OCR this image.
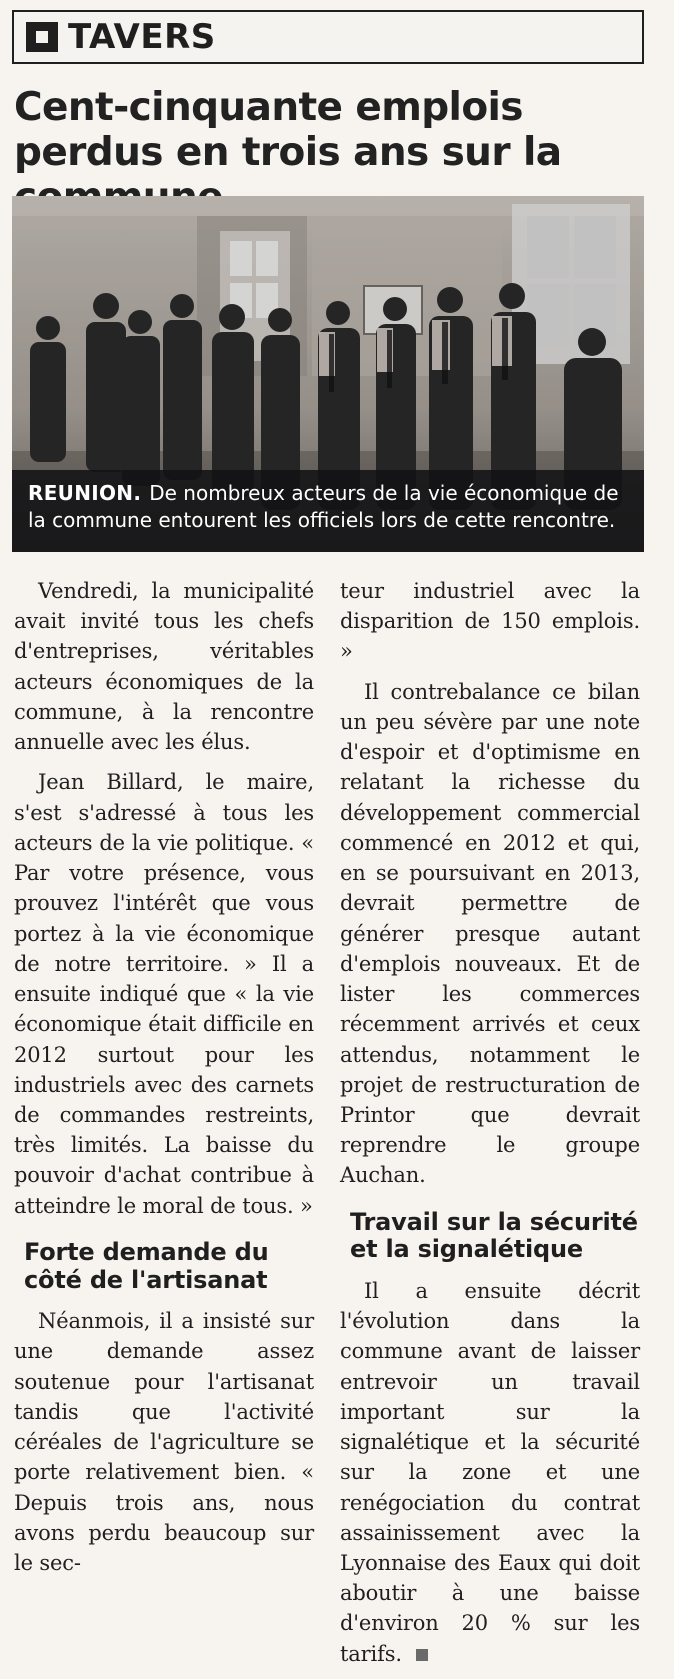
TAVERS
Cent-cinquante emplois perdus en trois ans sur la
REUNION. De nombreux acteurs de la vie économique de la commune entourent les officiels lors de cette rencontre.

Vendredi, la municipalité avait invité tous les chefs d'entreprises, véritables acteurs économiques de la commune, à la rencontre annuelle avec les élus.

Jean Billard, le maire, s'est s'adressé à tous les acteurs de la vie politique. « Par votre présence, vous prouvez l'intérêt que vous portez à la vie économique de notre territoire. » Il a ensuite indiqué que « la vie économique était difficile en 2012 surtout pour les industriels avec des carnets de commandes restreints, très limités. La baisse du pouvoir d'achat contribue à atteindre le moral de tous. »

Forte demande du côté de l'artisanat

Néanmois, il a insisté sur une demande assez soutenue pour l'artisanat tandis que l'activité céréales de l'agriculture se porte relativement bien. « Depuis trois ans, nous avons perdu beaucoup sur le sec-

teur industriel avec la disparition de 150 emplois. »

Il contrebalance ce bilan un peu sévère par une note d'espoir et d'optimisme en relatant la richesse du développement commercial commencé en 2012 et qui, en se poursuivant en 2013, devrait permettre de générer presque autant d'emplois nouveaux. Et de lister les commerces récemment arrivés et ceux attendus, notamment le projet de restructuration de Printor que devrait reprendre le groupe Auchan.

Travail sur la sécurité et la signalétique

Il a ensuite décrit l'évolution dans la commune avant de laisser entrevoir un travail important sur la signalétique et la sécurité sur la zone et une renégociation du contrat assainissement avec la Lyonnaise des Eaux qui doit aboutir à une baisse d'environ 20 % sur les tarifs.
